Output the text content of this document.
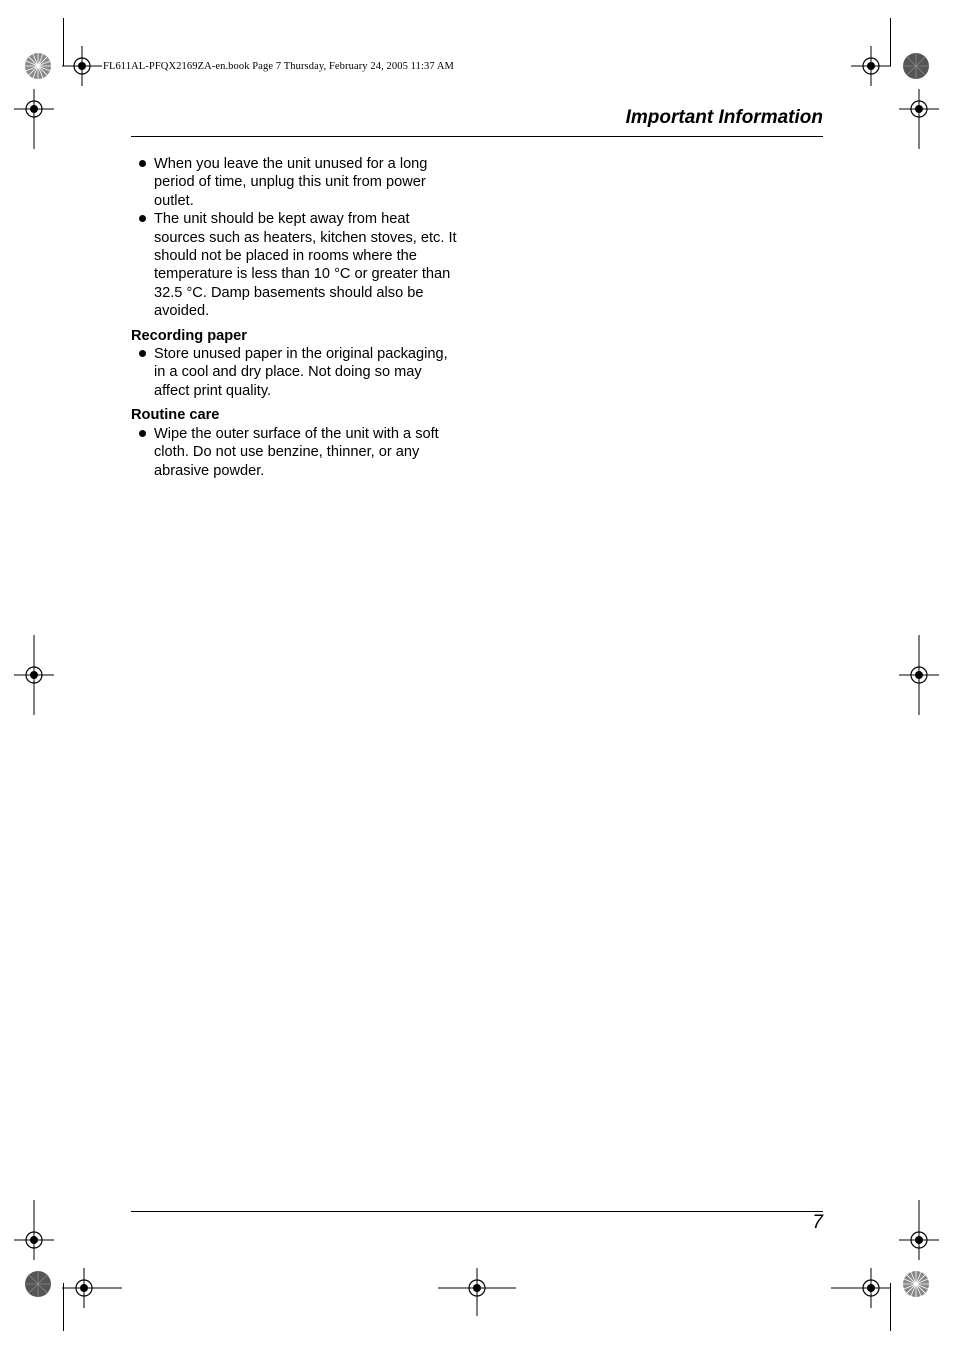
FL611AL-PFQX2169ZA-en.book Page 7 Thursday, February 24, 2005 11:37 AM
Important Information
When you leave the unit unused for a long period of time, unplug this unit from power outlet.
The unit should be kept away from heat sources such as heaters, kitchen stoves, etc. It should not be placed in rooms where the temperature is less than 10 °C or greater than 32.5 °C. Damp basements should also be avoided.
Recording paper
Store unused paper in the original packaging, in a cool and dry place. Not doing so may affect print quality.
Routine care
Wipe the outer surface of the unit with a soft cloth. Do not use benzine, thinner, or any abrasive powder.
7
